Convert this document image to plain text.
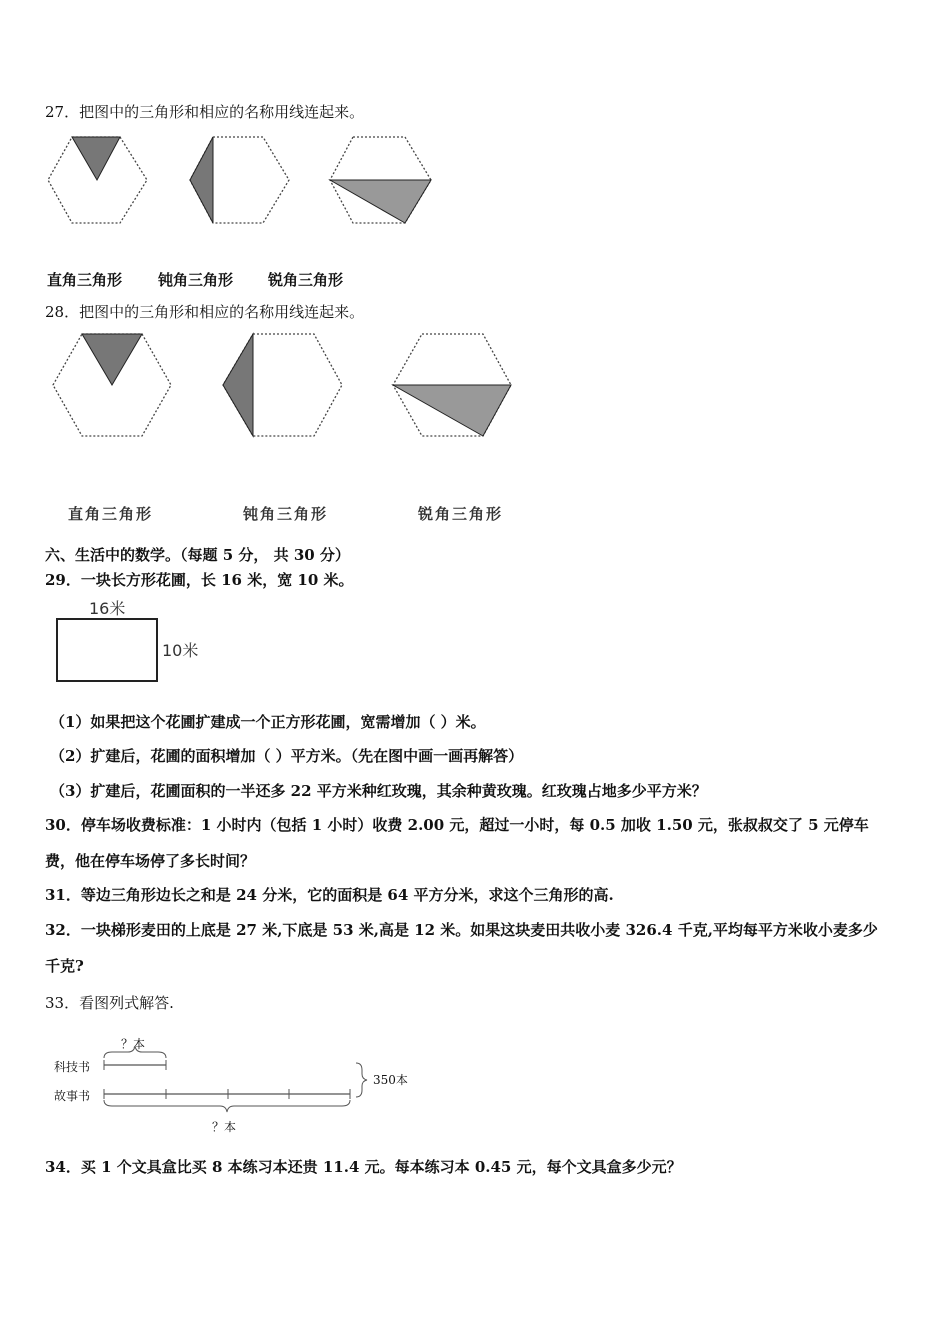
27．把图中的三角形和相应的名称用线连起来。
直角三角形 钝角三角形 锐角三角形
28．把图中的三角形和相应的名称用线连起来。
直角三角形	钝角三角形	锐角三角形
六、生活中的数学。（每题 5 分， 共 30 分）
29．一块长方形花圃，长 16 米，宽 10 米。
16米
10米
（1）如果把这个花圃扩建成一个正方形花圃，宽需增加（ ）米。
（2）扩建后，花圃的面积增加（ ）平方米。（先在图中画一画再解答）
（3）扩建后，花圃面积的一半还多 22 平方米种红玫瑰，其余种黄玫瑰。红玫瑰占地多少平方米？
30．停车场收费标准：1 小时内（包括 1 小时）收费 2.00 元，超过一小时，每 0.5 加收 1.50 元，张叔叔交了 5 元停车
费，他在停车场停了多长时间？
31．等边三角形边长之和是 24 分米，它的面积是 64 平方分米，求这个三角形的高.
32．一块梯形麦田的上底是 27 米,下底是 53 米,高是 12 米。如果这块麦田共收小麦 326.4 千克,平均每平方米收小麦多少
千克?
33．看图列式解答.
？本
科技书
故事书
350本
？本
34．买 1 个文具盒比买 8 本练习本还贵 11.4 元。每本练习本 0.45 元，每个文具盒多少元？
